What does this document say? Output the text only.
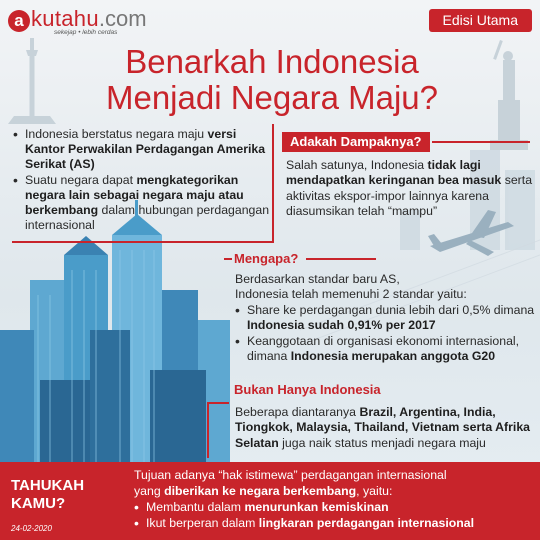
a kutahu .com
sekejap • lebih cerdas
Edisi Utama
Benarkah Indonesia
Menjadi Negara Maju?
• Indonesia berstatus negara maju versi Kantor Perwakilan Perdagangan Amerika Serikat (AS)
• Suatu negara dapat mengkategorikan negara lain sebagai negara maju atau berkembang dalam hubungan perdagangan internasional
Adakah Dampaknya?
Salah satunya, Indonesia tidak lagi mendapatkan keringanan bea masuk serta aktivitas ekspor-impor lainnya karena diasumsikan telah “mampu”
Mengapa?
Berdasarkan standar baru AS,
Indonesia telah memenuhi 2 standar yaitu:
• Share ke perdagangan dunia lebih dari 0,5% dimana Indonesia sudah 0,91% per 2017
• Keanggotaan di organisasi ekonomi internasional, dimana Indonesia merupakan anggota G20
Bukan Hanya Indonesia
Beberapa diantaranya Brazil, Argentina, India, Tiongkok, Malaysia, Thailand, Vietnam serta Afrika Selatan juga naik status menjadi negara maju
TAHUKAH
KAMU?
24-02-2020
Tujuan adanya “hak istimewa” perdagangan internasional
yang diberikan ke negara berkembang, yaitu:
• Membantu dalam menurunkan kemiskinan
• Ikut berperan dalam lingkaran perdagangan internasional
